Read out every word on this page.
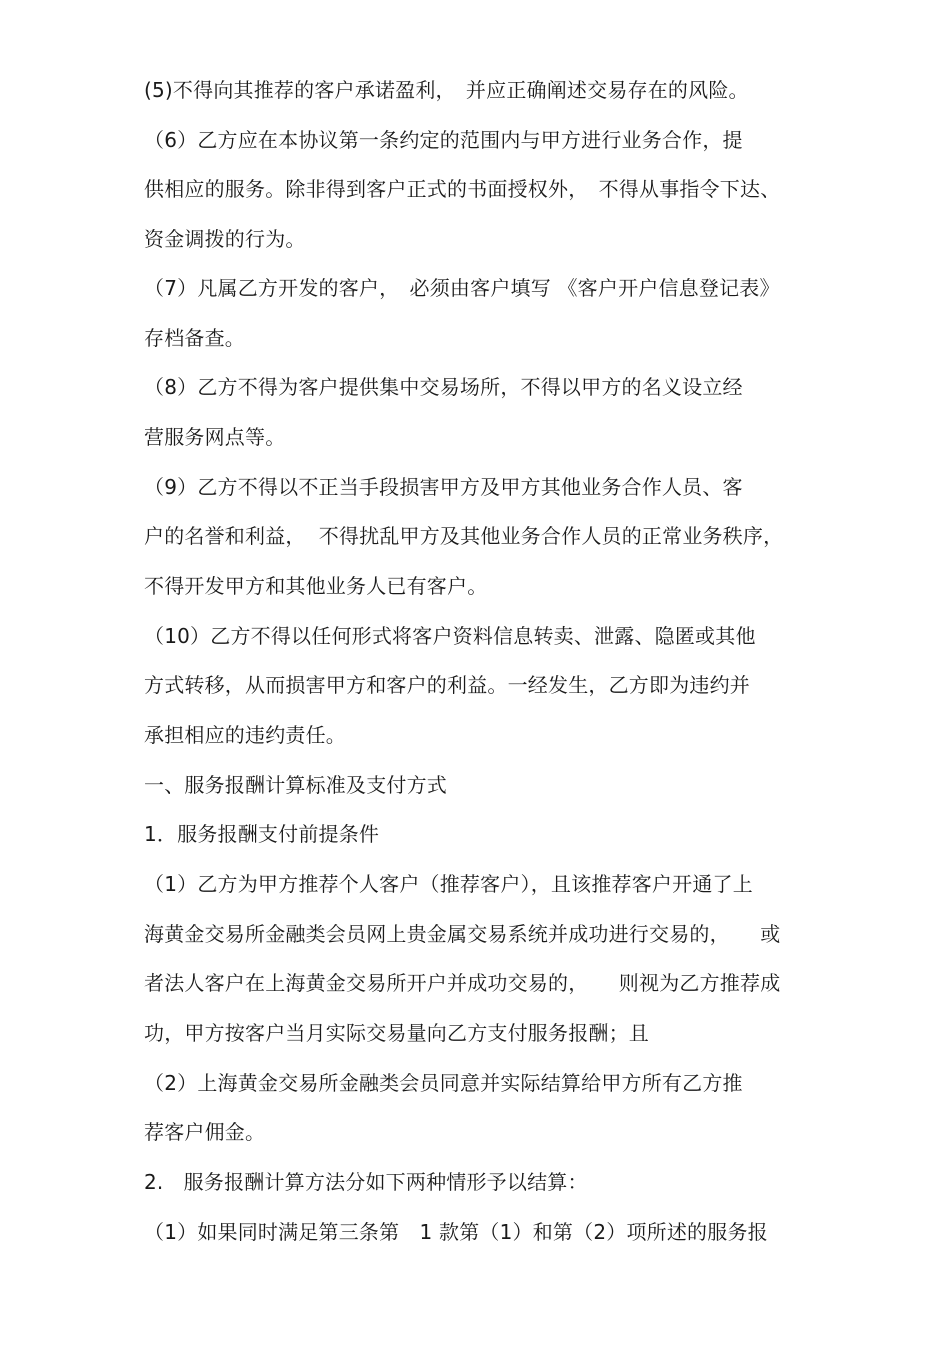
(5)不得向其推荐的客户承诺盈利，　并应正确阐述交易存在的风险。
（6）乙方应在本协议第一条约定的范围内与甲方进行业务合作，提
供相应的服务。除非得到客户正式的书面授权外，　不得从事指令下达、
资金调拨的行为。
（7）凡属乙方开发的客户，　必须由客户填写 《客户开户信息登记表》
存档备查。
（8）乙方不得为客户提供集中交易场所，不得以甲方的名义设立经
营服务网点等。
（9）乙方不得以不正当手段损害甲方及甲方其他业务合作人员、客
户的名誉和利益，  不得扰乱甲方及其他业务合作人员的正常业务秩序，
不得开发甲方和其他业务人已有客户。
（10）乙方不得以任何形式将客户资料信息转卖、泄露、隐匿或其他
方式转移，从而损害甲方和客户的利益。一经发生，乙方即为违约并
承担相应的违约责任。
一、服务报酬计算标准及支付方式
1．服务报酬支付前提条件
（1）乙方为甲方推荐个人客户（推荐客户），且该推荐客户开通了上
海黄金交易所金融类会员网上贵金属交易系统并成功进行交易的，　　或
者法人客户在上海黄金交易所开户并成功交易的，　　则视为乙方推荐成
功，甲方按客户当月实际交易量向乙方支付服务报酬；且
（2）上海黄金交易所金融类会员同意并实际结算给甲方所有乙方推
荐客户佣金。
2.　服务报酬计算方法分如下两种情形予以结算：
（1）如果同时满足第三条第　1 款第（1）和第（2）项所述的服务报
